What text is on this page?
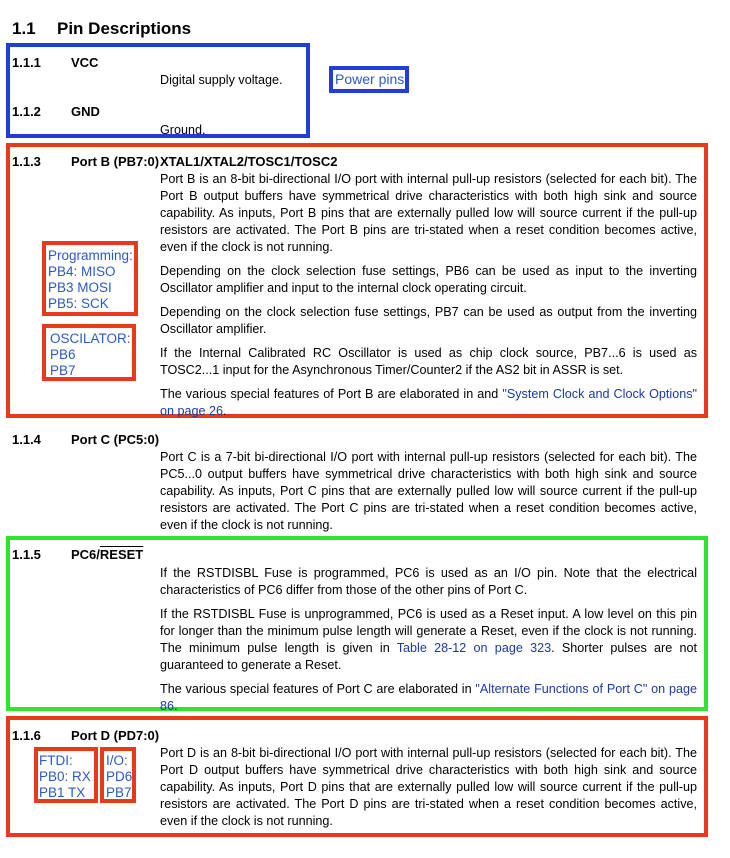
1.1 Pin Descriptions
1.1.1 VCC
Digital supply voltage.	Power pins
1.1.2 GND
Ground.
1.1.3 Port B (PB7:0) XTAL1/XTAL2/TOSC1/TOSC2

Port B is an 8-bit bi-directional I/O port with internal pull-up resistors (selected for each bit). The Port B output buffers have symmetrical drive characteristics with both high sink and source capability. As inputs, Port B pins that are externally pulled low will source current if the pull-up resistors are activated. The Port B pins are tri-stated when a reset condition becomes active, even if the clock is not running.

Depending on the clock selection fuse settings, PB6 can be used as input to the inverting Oscillator amplifier and input to the internal clock operating circuit.

Depending on the clock selection fuse settings, PB7 can be used as output from the inverting Oscillator amplifier.

If the Internal Calibrated RC Oscillator is used as chip clock source, PB7...6 is used as TOSC2...1 input for the Asynchronous Timer/Counter2 if the AS2 bit in ASSR is set.

The various special features of Port B are elaborated in and "System Clock and Clock Options" on page 26.

Programming:
PB4: MISO
PB3 MOSI
PB5: SCK
OSCILATOR:
PB6
PB7
1.1.4 Port C (PC5:0)

Port C is a 7-bit bi-directional I/O port with internal pull-up resistors (selected for each bit). The PC5...0 output buffers have symmetrical drive characteristics with both high sink and source capability. As inputs, Port C pins that are externally pulled low will source current if the pull-up resistors are activated. The Port C pins are tri-stated when a reset condition becomes active, even if the clock is not running.

1.1.5 PC6/RESET

If the RSTDISBL Fuse is programmed, PC6 is used as an I/O pin. Note that the electrical characteristics of PC6 differ from those of the other pins of Port C.

If the RSTDISBL Fuse is unprogrammed, PC6 is used as a Reset input. A low level on this pin for longer than the minimum pulse length will generate a Reset, even if the clock is not running. The minimum pulse length is given in Table 28-12 on page 323. Shorter pulses are not guaranteed to generate a Reset.

The various special features of Port C are elaborated in "Alternate Functions of Port C" on page 86.

1.1.6 Port D (PD7:0)

Port D is an 8-bit bi-directional I/O port with internal pull-up resistors (selected for each bit). The Port D output buffers have symmetrical drive characteristics with both high sink and source capability. As inputs, Port D pins that are externally pulled low will source current if the pull-up resistors are activated. The Port D pins are tri-stated when a reset condition becomes active, even if the clock is not running.

FTDI:
PB0: RX
PB1 TX
I/O:
PD6
PB7
